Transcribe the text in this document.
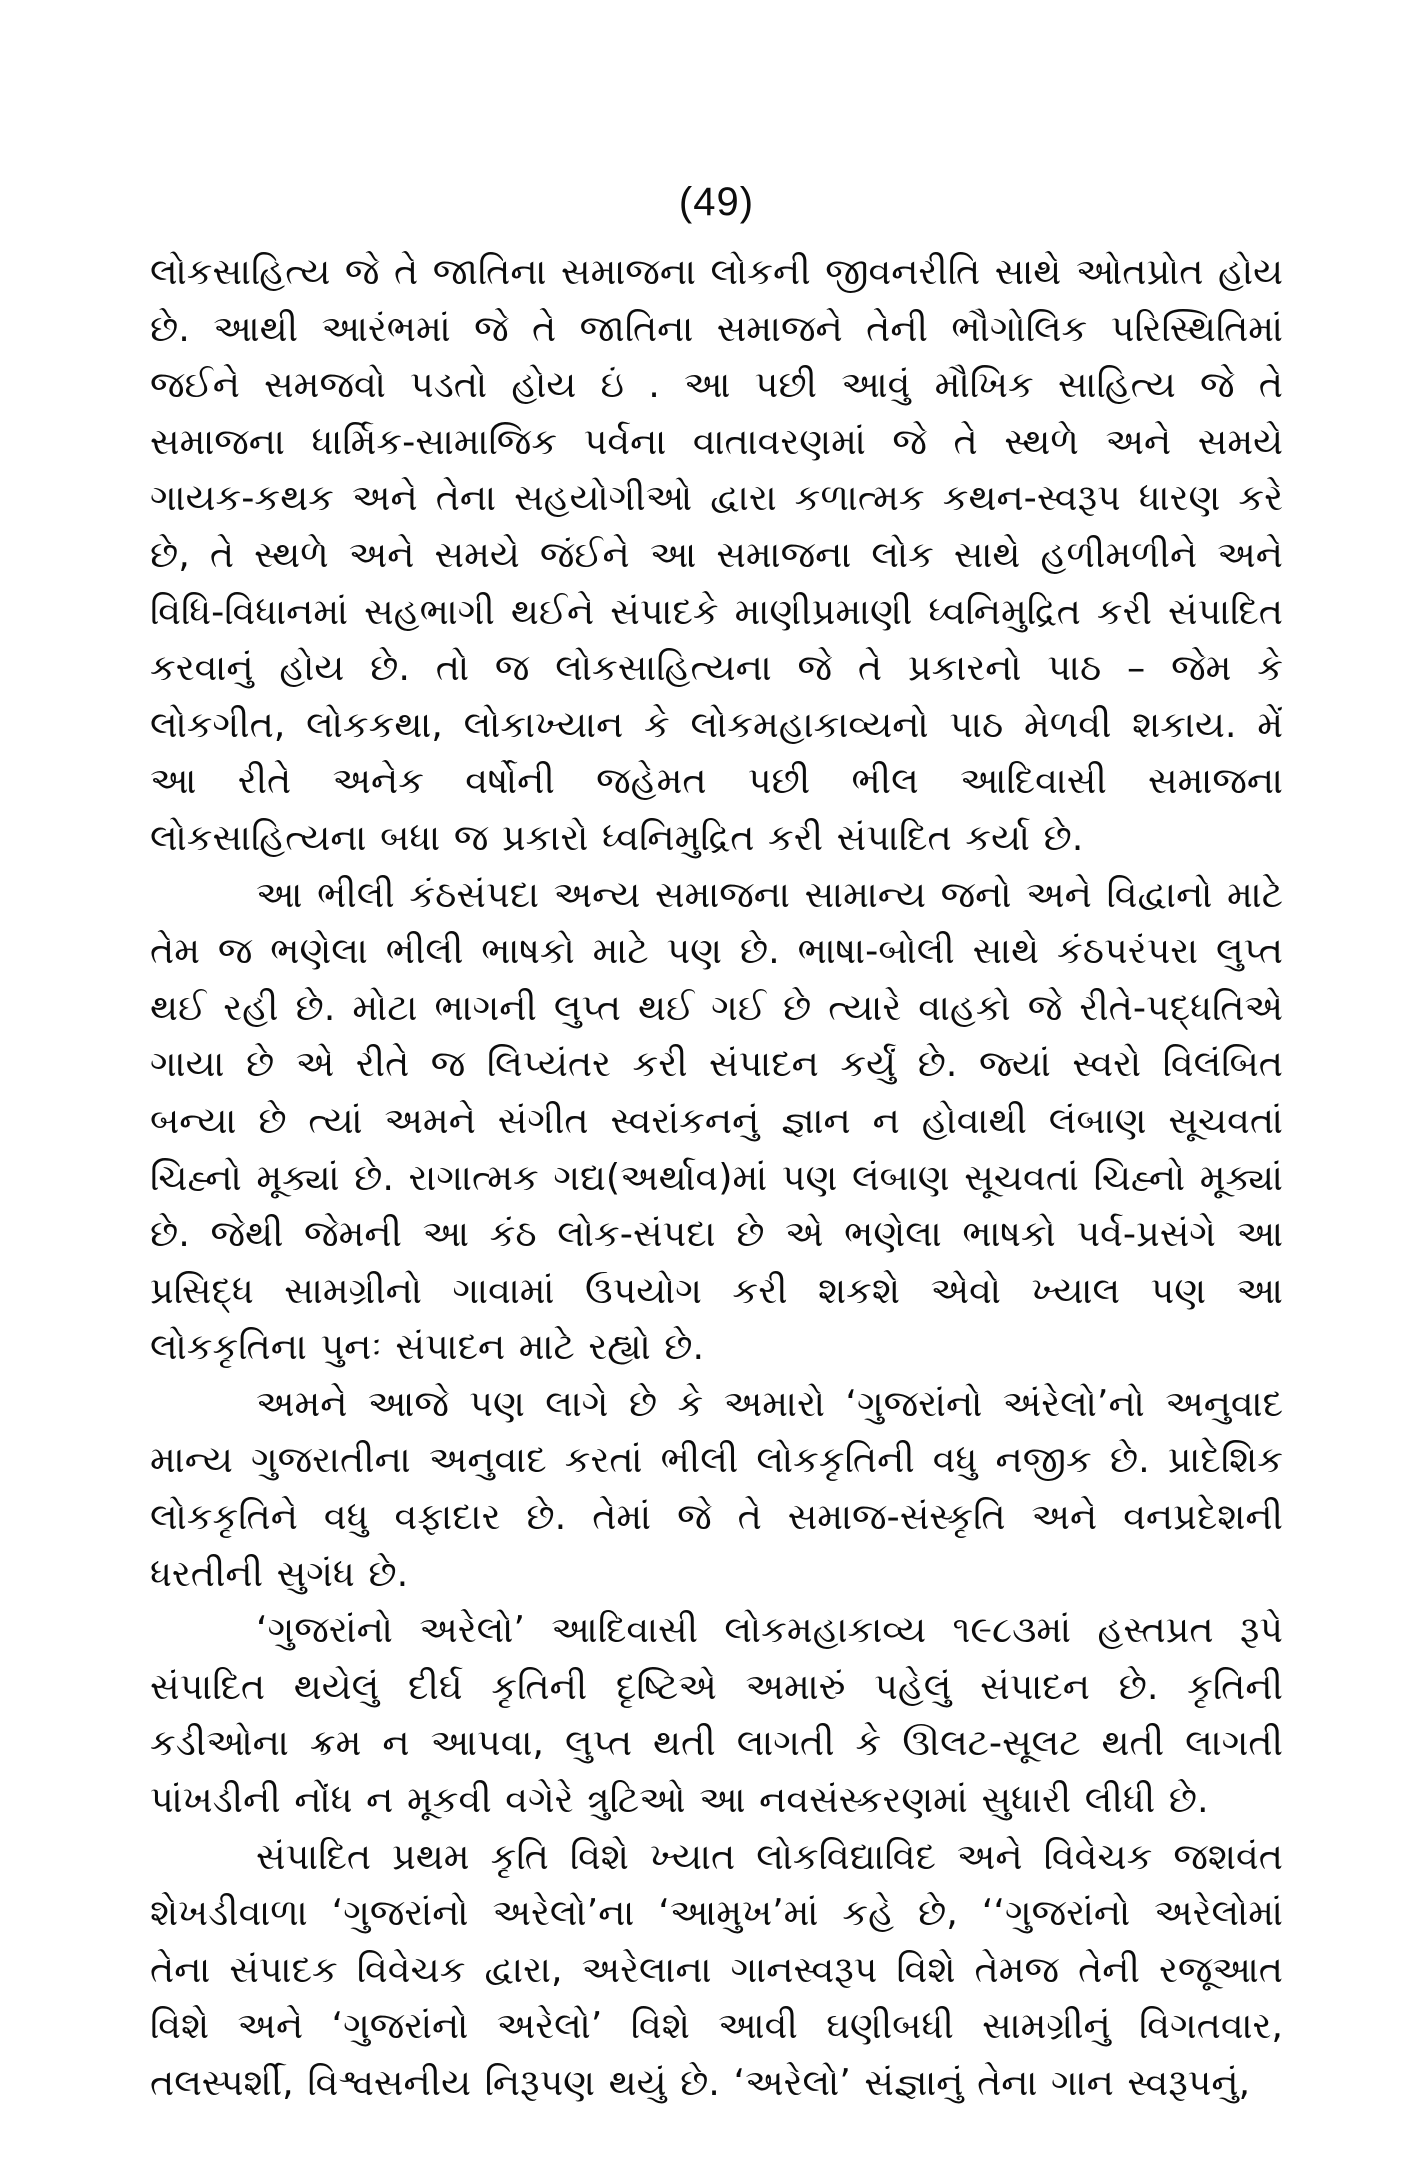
(49)

લોકસાહિત્ય જે તે જાતિના સમાજના લોકની જીવનરીતિ સાથે ઓતપ્રોત હોય છે. આથી આરંભમાં જે તે જાતિના સમાજને તેની ભૌગોલિક પરિસ્થિતિમાં જઈને સમજવો પડતો હોય ઇં . આ પછી આવું મૌખિક સાહિત્ય જે તે સમાજના ધાર્મિક-સામાજિક પર્વના વાતાવરણમાં જે તે સ્થળે અને સમયે ગાયક-કથક અને તેના સહયોગીઓ દ્વારા કળાત્મક કથન-સ્વરૂપ ધારણ કરે છે, તે સ્થળે અને સમયે જંઈને આ સમાજના લોક સાથે હળીમળીને અને વિધિ-વિધાનમાં સહભાગી થઈને સંપાદકે માણીપ્રમાણી ધ્વનિમુદ્રિત કરી સંપાદિત કરવાનું હોય છે. તો જ લોકસાહિત્યના જે તે પ્રકારનો પાઠ – જેમ કે લોકગીત, લોકકથા, લોકાખ્યાન કે લોકમહાકાવ્યનો પાઠ મેળવી શકાય. મેં આ રીતે અનેક વર્ષોની જહેમત પછી ભીલ આદિવાસી સમાજના લોકસાહિત્યના બધા જ પ્રકારો ધ્વનિમુદ્રિત કરી સંપાદિત કર્યા છે.

આ ભીલી કંઠસંપદા અન્ય સમાજના સામાન્ય જનો અને વિદ્વાનો માટે તેમ જ ભણેલા ભીલી ભાષકો માટે પણ છે. ભાષા-બોલી સાથે કંઠપરંપરા લુપ્ત થઈ રહી છે. મોટા ભાગની લુપ્ત થઈ ગઈ છે ત્યારે વાહકો જે રીતે-પદ્ધતિએ ગાયા છે એ રીતે જ લિપ્યંતર કરી સંપાદન કર્યું છે. જ્યાં સ્વરો વિલંબિત બન્યા છે ત્યાં અમને સંગીત સ્વરાંકનનું જ્ઞાન ન હોવાથી લંબાણ સૂચવતાં ચિહ્નો મૂક્યાં છે. રાગાત્મક ગદ્ય(અર્થાવ)માં પણ લંબાણ સૂચવતાં ચિહ્નો મૂક્યાં છે. જેથી જેમની આ કંઠ લોક-સંપદા છે એ ભણેલા ભાષકો પર્વ-પ્રસંગે આ પ્રસિદ્ધ સામગ્રીનો ગાવામાં ઉપયોગ કરી શકશે એવો ખ્યાલ પણ આ લોકકૃતિના પુનઃ સંપાદન માટે રહ્યો છે.

અમને આજે પણ લાગે છે કે અમારો ‘ગુજરાંનો અંરેલો’નો અનુવાદ માન્ય ગુજરાતીના અનુવાદ કરતાં ભીલી લોકકૃતિની વધુ નજીક છે. પ્રાદેશિક લોકકૃતિને વધુ વફાદાર છે. તેમાં જે તે સમાજ-સંસ્કૃતિ અને વનપ્રદેશની ધરતીની સુગંધ છે.

‘ગુજરાંનો અરેલો’ આદિવાસી લોકમહાકાવ્ય ૧૯૮૩માં હસ્તપ્રત રૂપે સંપાદિત થયેલું દીર્ઘ કૃતિની દૃષ્ટિએ અમારું પહેલું સંપાદન છે. કૃતિની કડીઓના ક્રમ ન આપવા, લુપ્ત થતી લાગતી કે ઊલટ-સૂલટ થતી લાગતી પાંખડીની નોંધ ન મૂકવી વગેરે ત્રુટિઓ આ નવસંસ્કરણમાં સુધારી લીધી છે.

સંપાદિત પ્રથમ કૃતિ વિશે ખ્યાત લોકવિદ્યાવિદ અને વિવેચક જશવંત શેખડીવાળા ‘ગુજરાંનો અરેલો’ના ‘આમુખ’માં કહે છે, ‘‘ગુજરાંનો અરેલોમાં તેના સંપાદક વિવેચક દ્વારા, અરેલાના ગાનસ્વરૂપ વિશે તેમજ તેની રજૂઆત વિશે અને ‘ગુજરાંનો અરેલો’ વિશે આવી ઘણીબધી સામગ્રીનું વિગતવાર, તલસ્પર્શી, વિશ્વસનીય નિરૂપણ થયું છે. ‘અરેલો’ સંજ્ઞાનું તેના ગાન સ્વરૂપનું,
